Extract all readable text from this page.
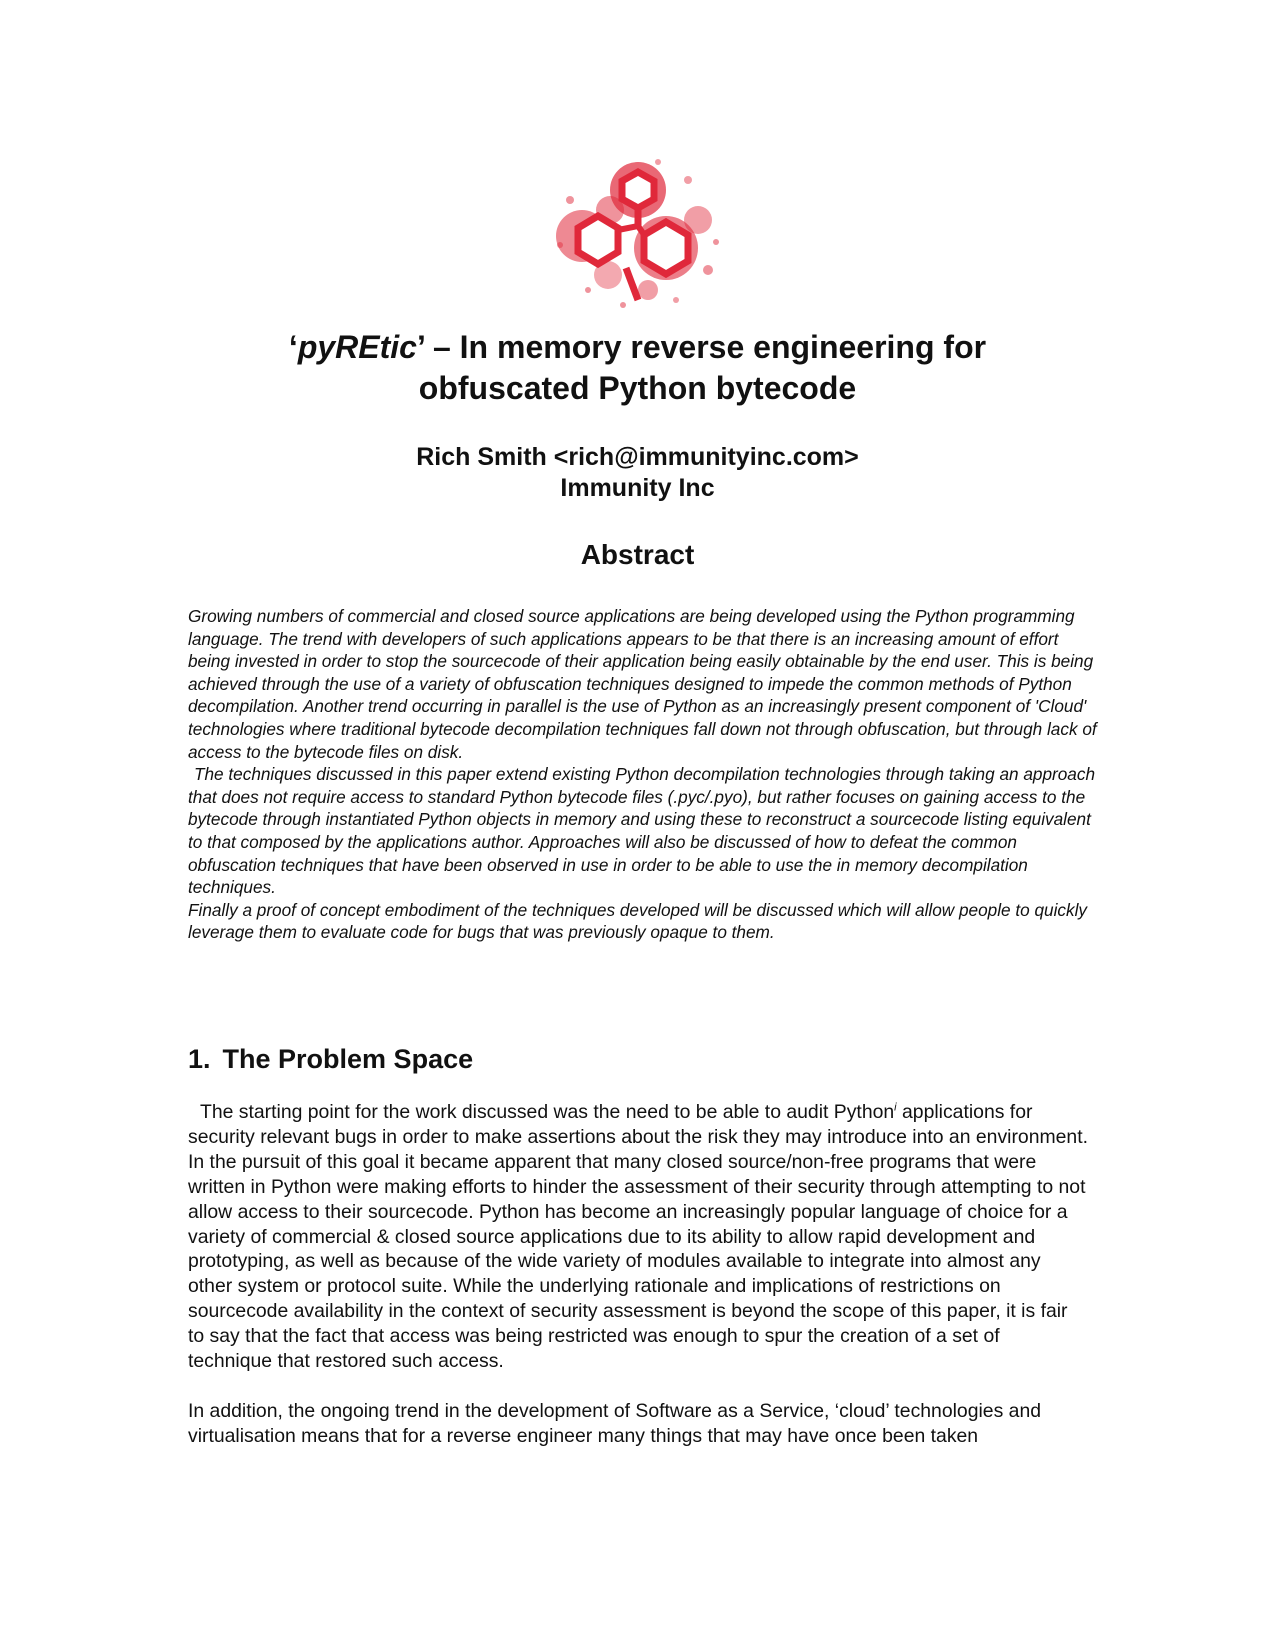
‘pyREtic’ – In memory reverse engineering for
obfuscated Python bytecode
Rich Smith <rich@immunityinc.com>
Immunity Inc
Abstract

Growing numbers of commercial and closed source applications are being developed using the Python programming language. The trend with developers of such applications appears to be that there is an increasing amount of effort being invested in order to stop the sourcecode of their application being easily obtainable by the end user. This is being achieved through the use of a variety of obfuscation techniques designed to impede the common methods of Python decompilation. Another trend occurring in parallel is the use of Python as an increasingly present component of 'Cloud' technologies where traditional bytecode decompilation techniques fall down not through obfuscation, but through lack of access to the bytecode files on disk.

The techniques discussed in this paper extend existing Python decompilation technologies through taking an approach that does not require access to standard Python bytecode files (.pyc/.pyo), but rather focuses on gaining access to the bytecode through instantiated Python objects in memory and using these to reconstruct a sourcecode listing equivalent to that composed by the applications author. Approaches will also be discussed of how to defeat the common obfuscation techniques that have been observed in use in order to be able to use the in memory decompilation techniques.

Finally a proof of concept embodiment of the techniques developed will be discussed which will allow people to quickly leverage them to evaluate code for bugs that was previously opaque to them.

1. The Problem Space

The starting point for the work discussed was the need to be able to audit Python$^i$ applications for security relevant bugs in order to make assertions about the risk they may introduce into an environment. In the pursuit of this goal it became apparent that many closed source/non-free programs that were written in Python were making efforts to hinder the assessment of their security through attempting to not allow access to their sourcecode. Python has become an increasingly popular language of choice for a variety of commercial & closed source applications due to its ability to allow rapid development and prototyping, as well as because of the wide variety of modules available to integrate into almost any other system or protocol suite. While the underlying rationale and implications of restrictions on sourcecode availability in the context of security assessment is beyond the scope of this paper, it is fair to say that the fact that access was being restricted was enough to spur the creation of a set of technique that restored such access.

In addition, the ongoing trend in the development of Software as a Service, ‘cloud’ technologies and virtualisation means that for a reverse engineer many things that may have once been taken
